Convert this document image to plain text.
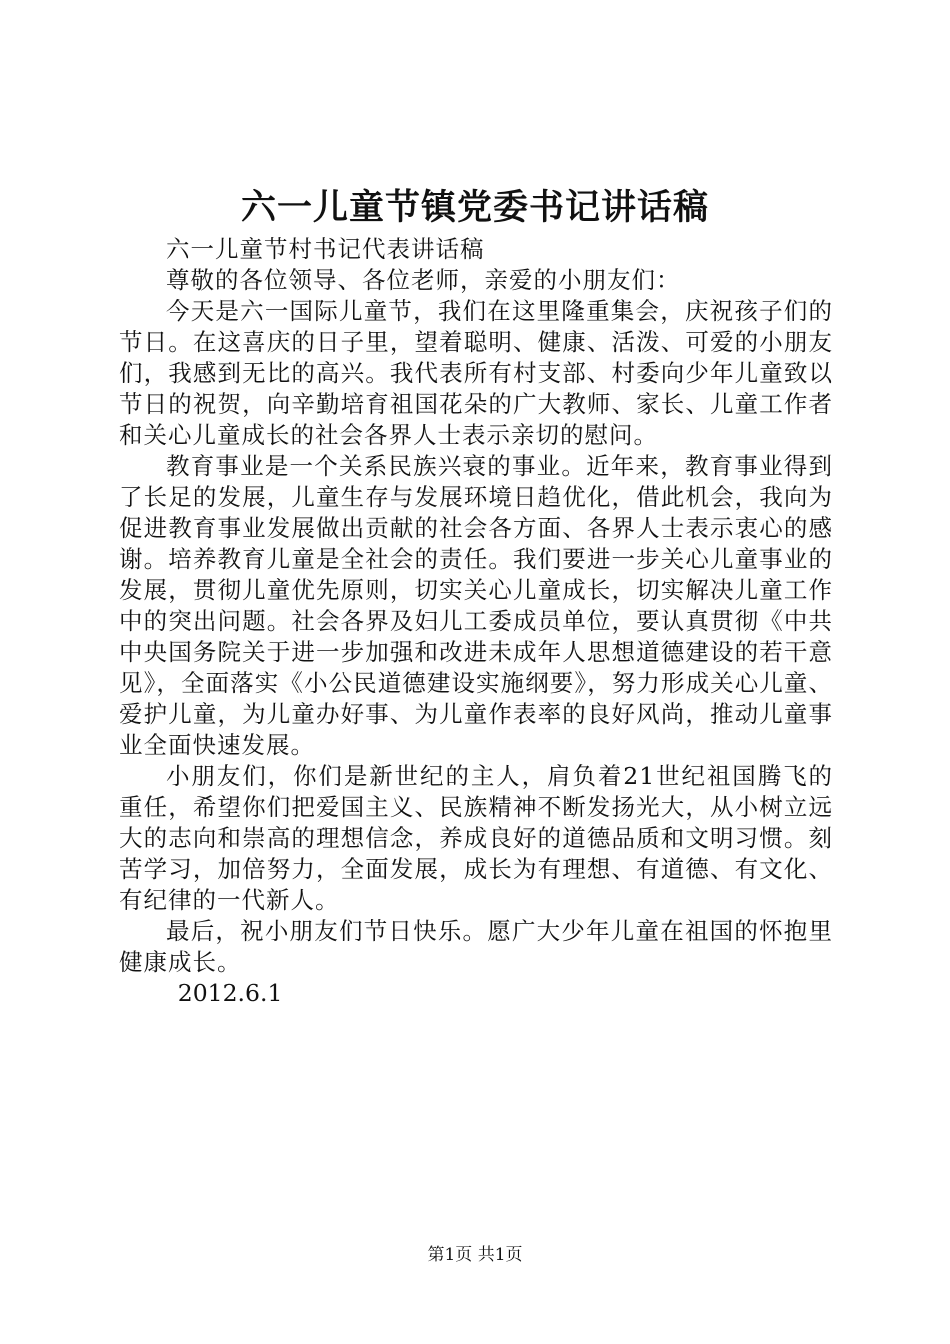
六一儿童节镇党委书记讲话稿

六一儿童节村书记代表讲话稿

尊敬的各位领导、各位老师，亲爱的小朋友们：

今天是六一国际儿童节，我们在这里隆重集会，庆祝孩子们的节日。在这喜庆的日子里，望着聪明、健康、活泼、可爱的小朋友们，我感到无比的高兴。我代表所有村支部、村委向少年儿童致以节日的祝贺，向辛勤培育祖国花朵的广大教师、家长、儿童工作者和关心儿童成长的社会各界人士表示亲切的慰问。

教育事业是一个关系民族兴衰的事业。近年来，教育事业得到了长足的发展，儿童生存与发展环境日趋优化，借此机会，我向为促进教育事业发展做出贡献的社会各方面、各界人士表示衷心的感谢。培养教育儿童是全社会的责任。我们要进一步关心儿童事业的发展，贯彻儿童优先原则，切实关心儿童成长，切实解决儿童工作中的突出问题。社会各界及妇儿工委成员单位，要认真贯彻《中共中央国务院关于进一步加强和改进未成年人思想道德建设的若干意见》，全面落实《小公民道德建设实施纲要》，努力形成关心儿童、爱护儿童，为儿童办好事、为儿童作表率的良好风尚，推动儿童事业全面快速发展。

小朋友们，你们是新世纪的主人，肩负着21世纪祖国腾飞的重任，希望你们把爱国主义、民族精神不断发扬光大，从小树立远大的志向和崇高的理想信念，养成良好的道德品质和文明习惯。刻苦学习，加倍努力，全面发展，成长为有理想、有道德、有文化、有纪律的一代新人。

最后，祝小朋友们节日快乐。愿广大少年儿童在祖国的怀抱里健康成长。

2012.6.1

第1页 共1页
